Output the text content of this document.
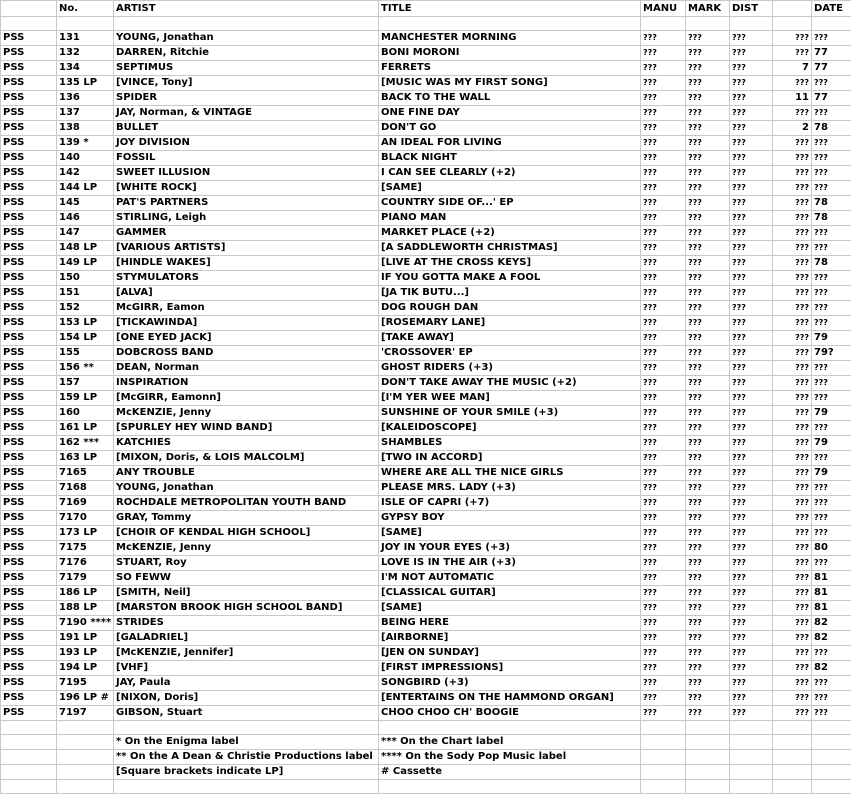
	No.	ARTIST	TITLE	MANU	MARK	DIST		DATE

PSS	131	YOUNG, Jonathan	MANCHESTER MORNING	???	???	???	???	???
PSS	132	DARREN, Ritchie	BONI MORONI	???	???	???	???	77
PSS	134	SEPTIMUS	FERRETS	???	???	???	7	77
PSS	135 LP	[VINCE, Tony]	[MUSIC WAS MY FIRST SONG]	???	???	???	???	???
PSS	136	SPIDER	BACK TO THE WALL	???	???	???	11	77
PSS	137	JAY, Norman, & VINTAGE	ONE FINE DAY	???	???	???	???	???
PSS	138	BULLET	DON'T GO	???	???	???	2	78
PSS	139 *	JOY DIVISION	AN IDEAL FOR LIVING	???	???	???	???	???
PSS	140	FOSSIL	BLACK NIGHT	???	???	???	???	???
PSS	142	SWEET ILLUSION	I CAN SEE CLEARLY (+2)	???	???	???	???	???
PSS	144 LP	[WHITE ROCK]	[SAME]	???	???	???	???	???
PSS	145	PAT'S PARTNERS	COUNTRY SIDE OF...' EP	???	???	???	???	78
PSS	146	STIRLING, Leigh	PIANO MAN	???	???	???	???	78
PSS	147	GAMMER	MARKET PLACE (+2)	???	???	???	???	???
PSS	148 LP	[VARIOUS ARTISTS]	[A SADDLEWORTH CHRISTMAS]	???	???	???	???	???
PSS	149 LP	[HINDLE WAKES]	[LIVE AT THE CROSS KEYS]	???	???	???	???	78
PSS	150	STYMULATORS	IF YOU GOTTA MAKE A FOOL	???	???	???	???	???
PSS	151	[ALVA]	[JA TIK BUTU...]	???	???	???	???	???
PSS	152	McGIRR, Eamon	DOG ROUGH DAN	???	???	???	???	???
PSS	153 LP	[TICKAWINDA]	[ROSEMARY LANE]	???	???	???	???	???
PSS	154 LP	[ONE EYED JACK]	[TAKE AWAY]	???	???	???	???	79
PSS	155	DOBCROSS BAND	'CROSSOVER' EP	???	???	???	???	79?
PSS	156 **	DEAN, Norman	GHOST RIDERS (+3)	???	???	???	???	???
PSS	157	INSPIRATION	DON'T TAKE AWAY THE MUSIC (+2)	???	???	???	???	???
PSS	159 LP	[McGIRR, Eamonn]	[I'M YER WEE MAN]	???	???	???	???	???
PSS	160	McKENZIE, Jenny	SUNSHINE OF YOUR SMILE (+3)	???	???	???	???	79
PSS	161 LP	[SPURLEY HEY WIND BAND]	[KALEIDOSCOPE]	???	???	???	???	???
PSS	162 ***	KATCHIES	SHAMBLES	???	???	???	???	79
PSS	163 LP	[MIXON, Doris, & LOIS MALCOLM]	[TWO IN ACCORD]	???	???	???	???	???
PSS	7165	ANY TROUBLE	WHERE ARE ALL THE NICE GIRLS	???	???	???	???	79
PSS	7168	YOUNG, Jonathan	PLEASE MRS. LADY (+3)	???	???	???	???	???
PSS	7169	ROCHDALE METROPOLITAN YOUTH BAND	ISLE OF CAPRI (+7)	???	???	???	???	???
PSS	7170	GRAY, Tommy	GYPSY BOY	???	???	???	???	???
PSS	173 LP	[CHOIR OF KENDAL HIGH SCHOOL]	[SAME]	???	???	???	???	???
PSS	7175	McKENZIE, Jenny	JOY IN YOUR EYES (+3)	???	???	???	???	80
PSS	7176	STUART, Roy	LOVE IS IN THE AIR (+3)	???	???	???	???	???
PSS	7179	SO FEWW	I'M NOT AUTOMATIC	???	???	???	???	81
PSS	186 LP	[SMITH, Neil]	[CLASSICAL GUITAR]	???	???	???	???	81
PSS	188 LP	[MARSTON BROOK HIGH SCHOOL BAND]	[SAME]	???	???	???	???	81
PSS	7190 ****	STRIDES	BEING HERE	???	???	???	???	82
PSS	191 LP	[GALADRIEL]	[AIRBORNE]	???	???	???	???	82
PSS	193 LP	[McKENZIE, Jennifer]	[JEN ON SUNDAY]	???	???	???	???	???
PSS	194 LP	[VHF]	[FIRST IMPRESSIONS]	???	???	???	???	82
PSS	7195	JAY, Paula	SONGBIRD (+3)	???	???	???	???	???
PSS	196 LP #	[NIXON, Doris]	[ENTERTAINS ON THE HAMMOND ORGAN]	???	???	???	???	???
PSS	7197	GIBSON, Stuart	CHOO CHOO CH' BOOGIE	???	???	???	???	???

		* On the Enigma label	*** On the Chart label					
		** On the A Dean & Christie Productions label	**** On the Sody Pop Music label					
		[Square brackets indicate LP]	# Cassette					
